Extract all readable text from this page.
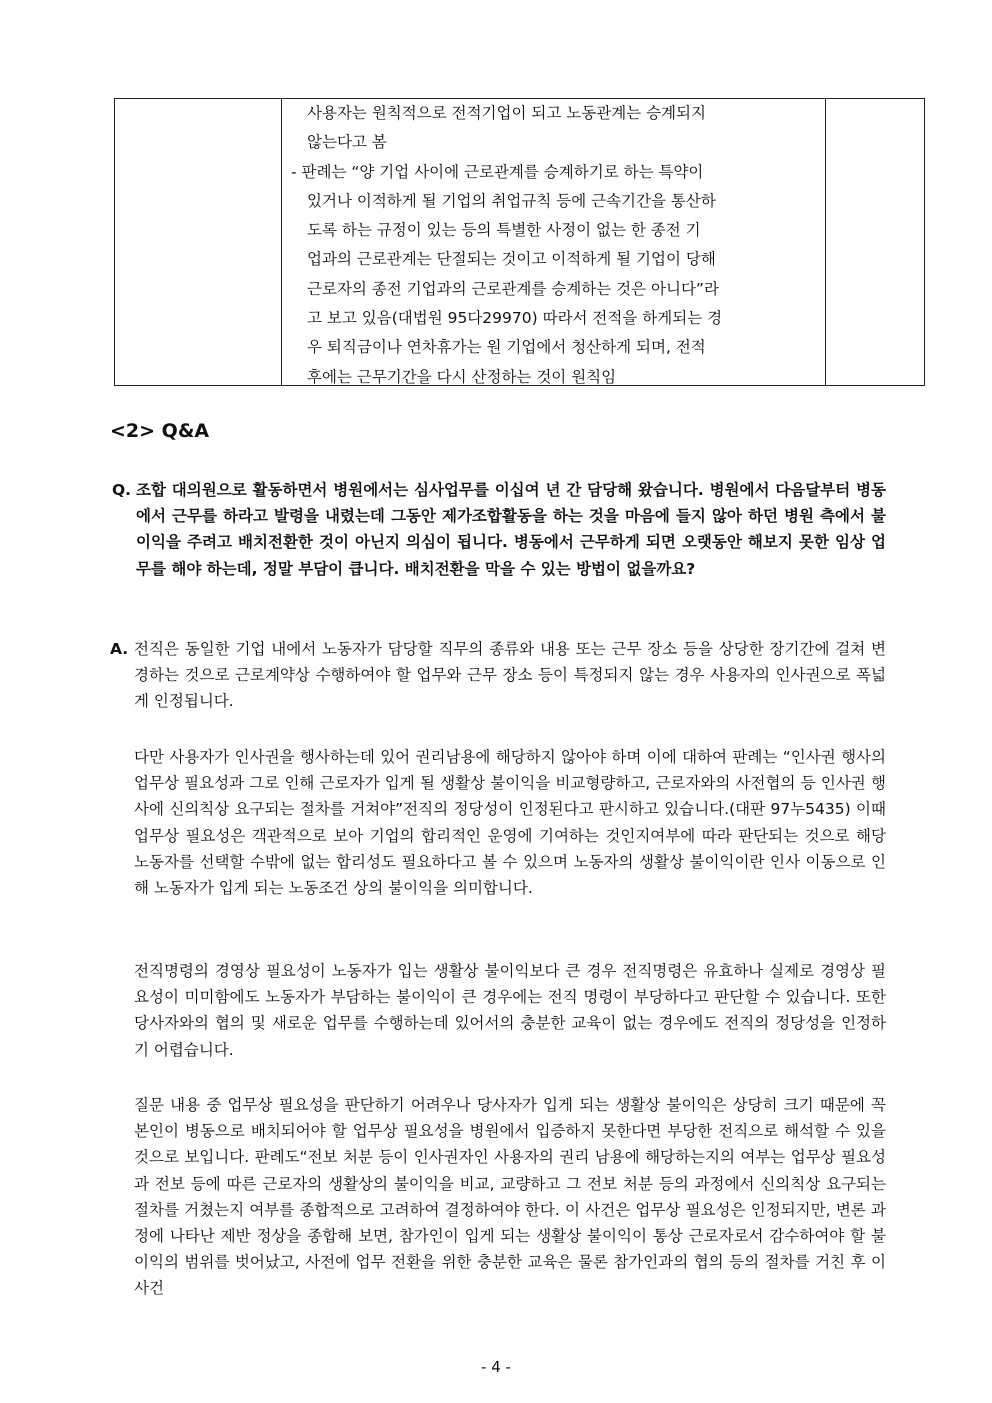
사용자는 원칙적으로 전적기업이 되고 노동관계는 승계되지

않는다고 봄

- 판례는 “양 기업 사이에 근로관계를 승계하기로 하는 특약이

있거나 이적하게 될 기업의 취업규칙 등에 근속기간을 통산하

도록 하는 규정이 있는 등의 특별한 사정이 없는 한 종전 기

업과의 근로관계는 단절되는 것이고 이적하게 될 기업이 당해

근로자의 종전 기업과의 근로관계를 승계하는 것은 아니다”라

고 보고 있음(대법원 95다29970) 따라서 전적을 하게되는 경

우 퇴직금이나 연차휴가는 원 기업에서 청산하게 되며, 전적

후에는 근무기간을 다시 산정하는 것이 원칙임

<2> Q&A
Q. 조합 대의원으로 활동하면서 병원에서는 심사업무를 이십여 년 간 담당해 왔습니다. 병원에서 다음달부터 병동에서 근무를 하라고 발령을 내렸는데 그동안 제가조합활동을 하는 것을 마음에 들지 않아 하던 병원 측에서 불이익을 주려고 배치전환한 것이 아닌지 의심이 됩니다. 병동에서 근무하게 되면 오랫동안 해보지 못한 임상 업무를 해야 하는데, 정말 부담이 큽니다. 배치전환을 막을 수 있는 방법이 없을까요?
A. 전직은 동일한 기업 내에서 노동자가 담당할 직무의 종류와 내용 또는 근무 장소 등을 상당한 장기간에 걸쳐 변경하는 것으로 근로계약상 수행하여야 할 업무와 근무 장소 등이 특정되지 않는 경우 사용자의 인사권으로 폭넓게 인정됩니다.

다만 사용자가 인사권을 행사하는데 있어 권리남용에 해당하지 않아야 하며 이에 대하여 판례는 “인사권 행사의 업무상 필요성과 그로 인해 근로자가 입게 될 생활상 불이익을 비교형량하고, 근로자와의 사전협의 등 인사권 행사에 신의칙상 요구되는 절차를 거쳐야”전직의 정당성이 인정된다고 판시하고 있습니다.(대판 97누5435) 이때 업무상 필요성은 객관적으로 보아 기업의 합리적인 운영에 기여하는 것인지여부에 따라 판단되는 것으로 해당 노동자를 선택할 수밖에 없는 합리성도 필요하다고 볼 수 있으며 노동자의 생활상 불이익이란 인사 이동으로 인해 노동자가 입게 되는 노동조건 상의 불이익을 의미합니다.

전직명령의 경영상 필요성이 노동자가 입는 생활상 불이익보다 큰 경우 전직명령은 유효하나 실제로 경영상 필요성이 미미함에도 노동자가 부담하는 불이익이 큰 경우에는 전직 명령이 부당하다고 판단할 수 있습니다. 또한 당사자와의 협의 및 새로운 업무를 수행하는데 있어서의 충분한 교육이 없는 경우에도 전직의 정당성을 인정하기 어렵습니다.

질문 내용 중 업무상 필요성을 판단하기 어려우나 당사자가 입게 되는 생활상 불이익은 상당히 크기 때문에 꼭 본인이 병동으로 배치되어야 할 업무상 필요성을 병원에서 입증하지 못한다면 부당한 전직으로 해석할 수 있을 것으로 보입니다. 판례도“전보 처분 등이 인사권자인 사용자의 권리 남용에 해당하는지의 여부는 업무상 필요성과 전보 등에 따른 근로자의 생활상의 불이익을 비교, 교량하고 그 전보 처분 등의 과정에서 신의칙상 요구되는 절차를 거쳤는지 여부를 종합적으로 고려하여 결정하여야 한다. 이 사건은 업무상 필요성은 인정되지만, 변론 과정에 나타난 제반 정상을 종합해 보면, 참가인이 입게 되는 생활상 불이익이 통상 근로자로서 감수하여야 할 불이익의 범위를 벗어났고, 사전에 업무 전환을 위한 충분한 교육은 물론 참가인과의 협의 등의 절차를 거친 후 이 사건

- 4 -
